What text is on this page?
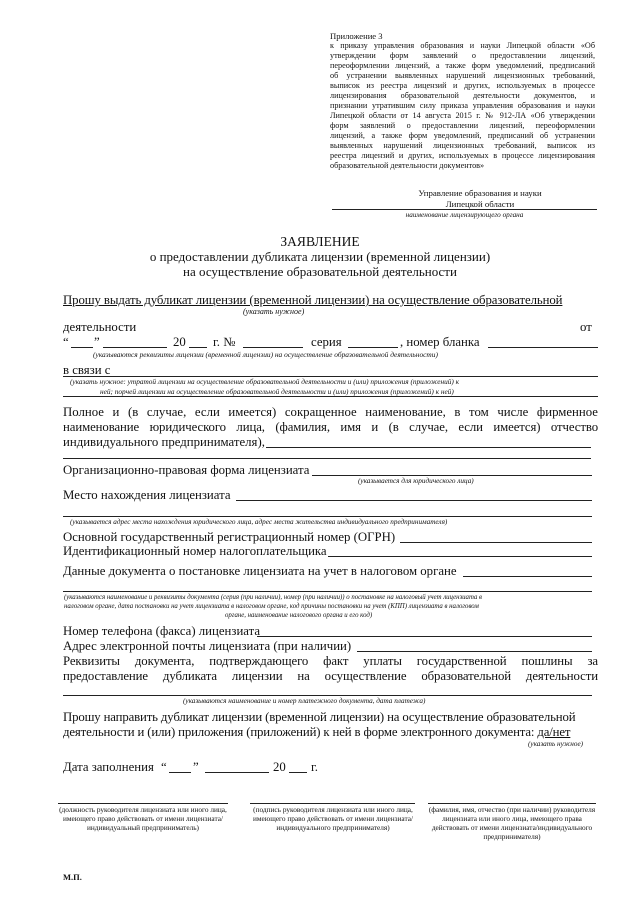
Приложение 3
к приказу управления образования и науки Липецкой области «Об
утверждении форм заявлений о предоставлении лицензий,
переоформлении лицензий, а также форм уведомлений, предписаний
об устранении выявленных нарушений лицензионных требований,
выписок из реестра лицензий и других, используемых в процессе
лицензирования образовательной деятельности документов, и
признании утратившим силу приказа управления образования и науки
Липецкой области от 14 августа 2015 г. № 912-ЛА «Об утверждении
форм заявлений о предоставлении лицензий, переоформлении
лицензий, а также форм уведомлений, предписаний об устранении
выявленных нарушений лицензионных требований, выписок из
реестра лицензий и других, используемых в процессе лицензирования
образовательной деятельности документов»
Управление образования и науки
Липецкой области
наименование лицензирующего органа
ЗАЯВЛЕНИЕ
о предоставлении дубликата лицензии (временной лицензии)
на осуществление образовательной деятельности
Прошу выдать дубликат лицензии (временной лицензии) на осуществление образовательной
(указать нужное)
деятельности	от
“ ”	20 г. №	серия	, номер бланка
(указываются реквизиты лицензии (временной лицензии) на осуществление образовательной деятельности)
в связи с
(указать нужное: утратой лицензии на осуществление образовательной деятельности и (или) приложения (приложений) к
ней; порчей лицензии на осуществление образовательной деятельности и (или) приложения (приложений) к ней)
Полное и (в случае, если имеется) сокращенное наименование, в том числе фирменное
наименование юридического лица, (фамилия, имя и (в случае, если имеется) отчество
индивидуального предпринимателя),
Организационно-правовая форма лицензиата
(указывается для юридического лица)
Место нахождения лицензиата
(указывается адрес места нахождения юридического лица, адрес места жительства индивидуального предпринимателя)
Основной государственный регистрационный номер (ОГРН)
Идентификационный номер налогоплательщика
Данные документа о постановке лицензиата на учет в налоговом органе
(указываются наименование и реквизиты документа (серия (при наличии), номер (при наличии)) о постановке на налоговый учет лицензиата в
налоговом органе, дата постановки на учет лицензиата в налоговом органе, код причины постановки на учет (КПП) лицензиата в налоговом
органе, наименование налогового органа и его код)
Номер телефона (факса) лицензиата
Адрес электронной почты лицензиата (при наличии)
Реквизиты документа, подтверждающего факт уплаты государственной пошлины за
предоставление дубликата лицензии на осуществление образовательной деятельности
(указываются наименование и номер платежного документа, дата платежа)
Прошу направить дубликат лицензии (временной лицензии) на осуществление образовательной
деятельности и (или) приложения (приложений) к ней в форме электронного документа: да/нет
(указать нужное)
Дата заполнения “ ”	20 г.
(должность руководителя лицензиата или иного лица, имеющего право действовать от имени лицензиата/индивидуальный предприниматель)
(подпись руководителя лицензиата или иного лица, имеющего право действовать от имени лицензиата/индивидуального предпринимателя)
(фамилия, имя, отчество (при наличии) руководителя лицензиата или иного лица, имеющего права действовать от имени лицензиата/индивидуального предпринимателя)
М.П.
